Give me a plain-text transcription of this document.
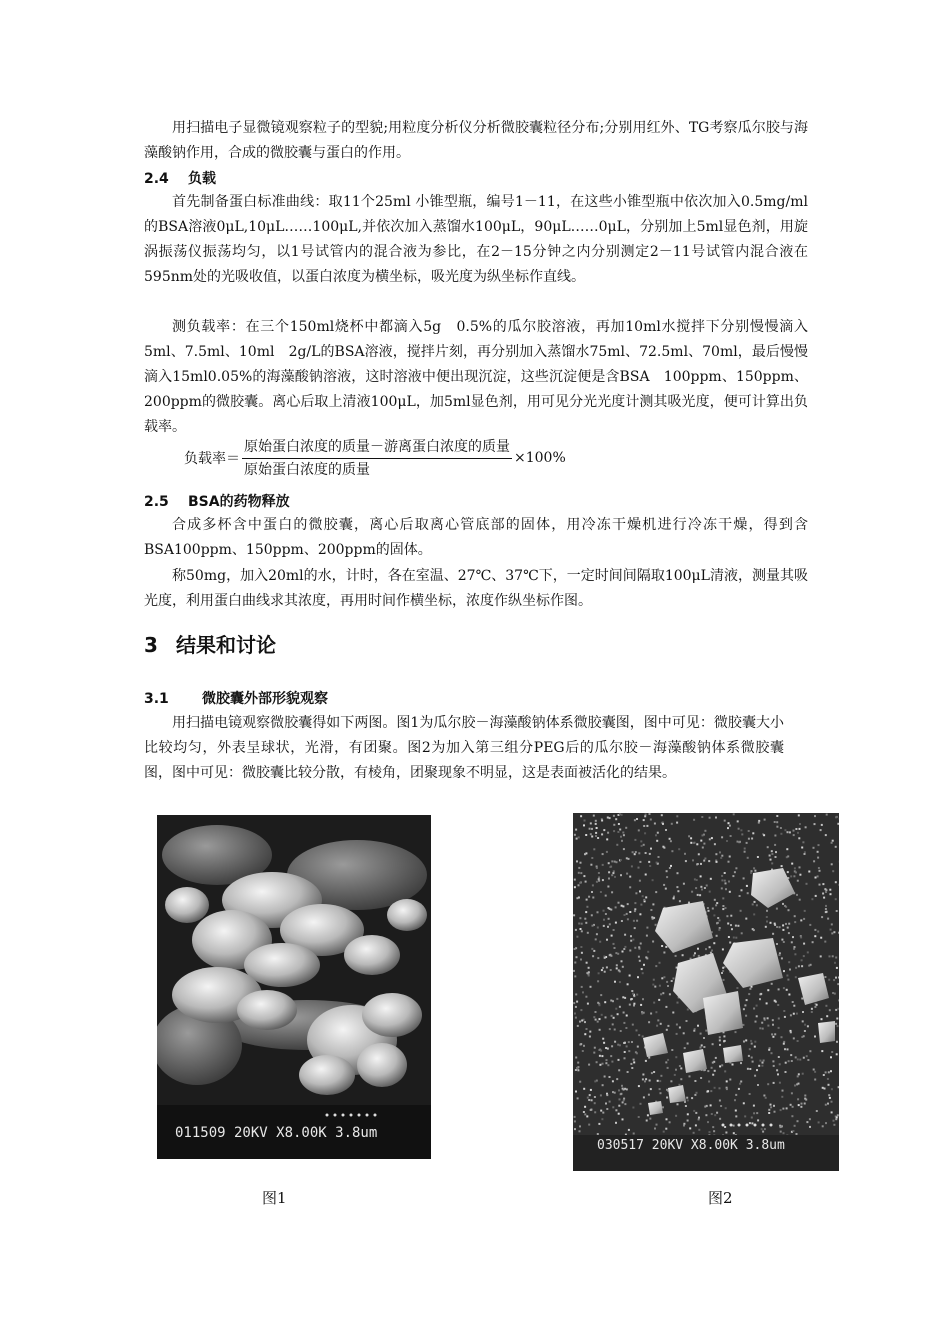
用扫描电子显微镜观察粒子的型貌;用粒度分析仪分析微胶囊粒径分布;分别用红外、TG考察瓜尔胶与海藻酸钠作用，合成的微胶囊与蛋白的作用。

2.4 负载

首先制备蛋白标准曲线：取11个25ml 小锥型瓶，编号1－11，在这些小锥型瓶中依次加入0.5mg/ml的BSA溶液0μL,10μL……100μL,并依次加入蒸馏水100μL，90μL……0μL，分别加上5ml显色剂，用旋涡振荡仪振荡均匀，以1号试管内的混合液为参比，在2－15分钟之内分别测定2－11号试管内混合液在595nm处的光吸收值，以蛋白浓度为横坐标，吸光度为纵坐标作直线。

测负载率：在三个150ml烧杯中都滴入5g　0.5%的瓜尔胶溶液，再加10ml水搅拌下分别慢慢滴入5ml、7.5ml、10ml　2g/L的BSA溶液，搅拌片刻，再分别加入蒸馏水75ml、72.5ml、70ml，最后慢慢滴入15ml0.05%的海藻酸钠溶液，这时溶液中便出现沉淀，这些沉淀便是含BSA　100ppm、150ppm、200ppm的微胶囊。离心后取上清液100μL，加5ml显色剂，用可见分光光度计测其吸光度，便可计算出负载率。

负载率＝ $\frac{\text{原始蛋白浓度的质量－游离蛋白浓度的质量}}{\text{原始蛋白浓度的质量}} \times 100\%$
2.5 BSA的药物释放

合成多杯含中蛋白的微胶囊，离心后取离心管底部的固体，用冷冻干燥机进行冷冻干燥，得到含BSA100ppm、150ppm、200ppm的固体。

称50mg，加入20ml的水，计时，各在室温、27℃、37℃下，一定时间间隔取100μL清液，测量其吸光度，利用蛋白曲线求其浓度，再用时间作横坐标，浓度作纵坐标作图。

3 结果和讨论
3.1 微胶囊外部形貌观察

用扫描电镜观察微胶囊得如下两图。图1为瓜尔胶－海藻酸钠体系微胶囊图，图中可见：微胶囊大小比较均匀，外表呈球状，光滑，有团聚。图2为加入第三组分PEG后的瓜尔胶－海藻酸钠体系微胶囊图，图中可见：微胶囊比较分散，有棱角，团聚现象不明显，这是表面被活化的结果。

011509 20KV X8.00K 3.8um
030517 20KV X8.00K 3.8um
图1	图2
